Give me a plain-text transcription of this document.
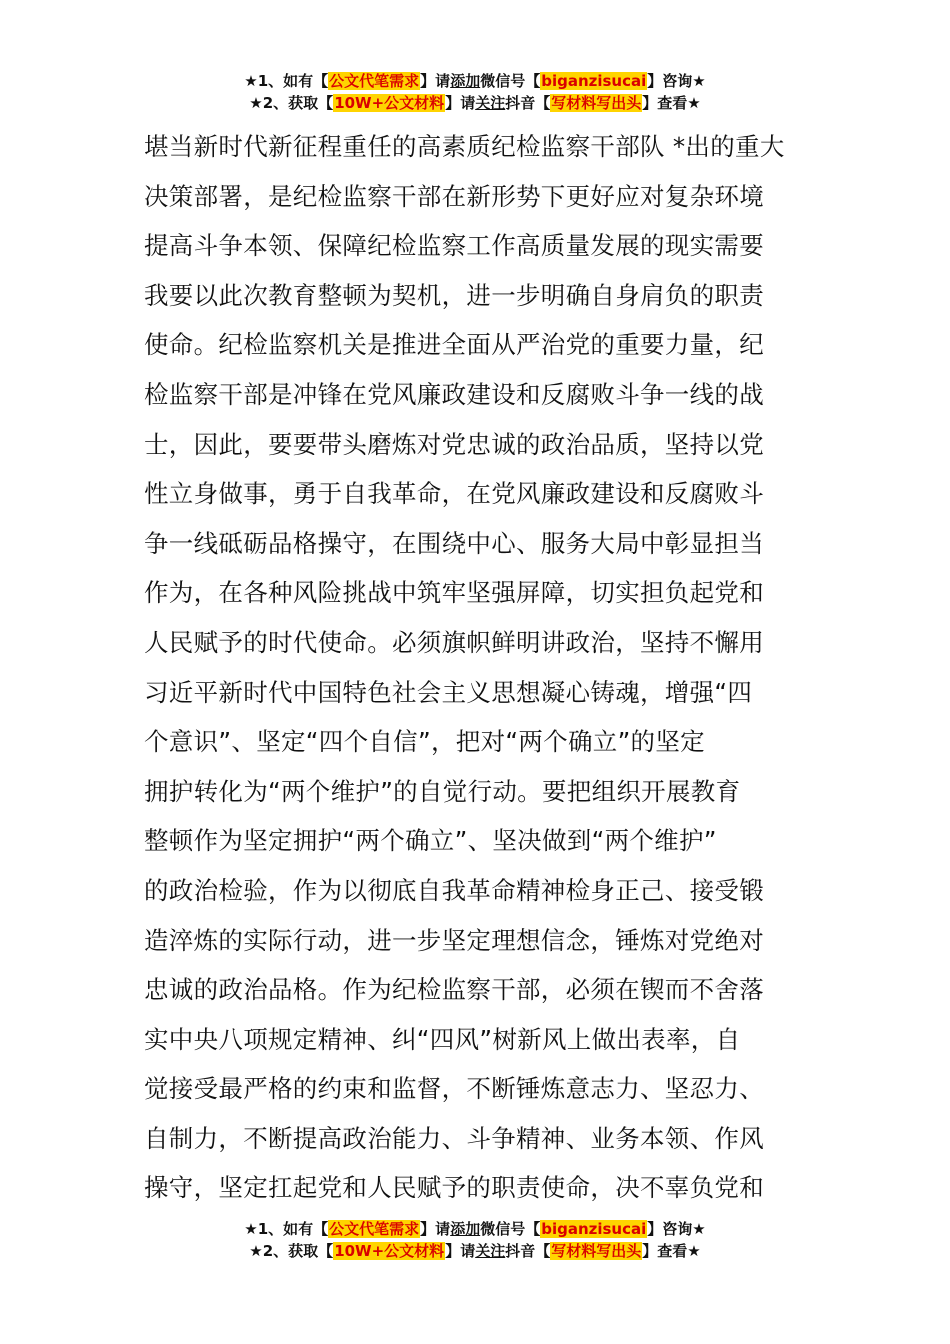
★1、如有【公文代笔需求】请添加微信号【biganzisucai】咨询★
★2、获取【10W+公文材料】请关注抖音【写材料写出头】查看★
堪当新时代新征程重任的高素质纪检监察干部队 *出的重大
决策部署，是纪检监察干部在新形势下更好应对复杂环境
提高斗争本领、保障纪检监察工作高质量发展的现实需要
我要以此次教育整顿为契机，进一步明确自身肩负的职责
使命。纪检监察机关是推进全面从严治党的重要力量，纪
检监察干部是冲锋在党风廉政建设和反腐败斗争一线的战
士，因此，要要带头磨炼对党忠诚的政治品质，坚持以党
性立身做事，勇于自我革命，在党风廉政建设和反腐败斗
争一线砥砺品格操守，在围绕中心、服务大局中彰显担当
作为，在各种风险挑战中筑牢坚强屏障，切实担负起党和
人民赋予的时代使命。必须旗帜鲜明讲政治，坚持不懈用
习近平新时代中国特色社会主义思想凝心铸魂，增强“四
个意识”、坚定“四个自信”，把对“两个确立”的坚定
拥护转化为“两个维护”的自觉行动。要把组织开展教育
整顿作为坚定拥护“两个确立”、坚决做到“两个维护”
的政治检验，作为以彻底自我革命精神检身正己、接受锻
造淬炼的实际行动，进一步坚定理想信念，锤炼对党绝对
忠诚的政治品格。作为纪检监察干部，必须在锲而不舍落
实中央八项规定精神、纠“四风”树新风上做出表率，自
觉接受最严格的约束和监督，不断锤炼意志力、坚忍力、
自制力，不断提高政治能力、斗争精神、业务本领、作风
操守，坚定扛起党和人民赋予的职责使命，决不辜负党和
★1、如有【公文代笔需求】请添加微信号【biganzisucai】咨询★
★2、获取【10W+公文材料】请关注抖音【写材料写出头】查看★
